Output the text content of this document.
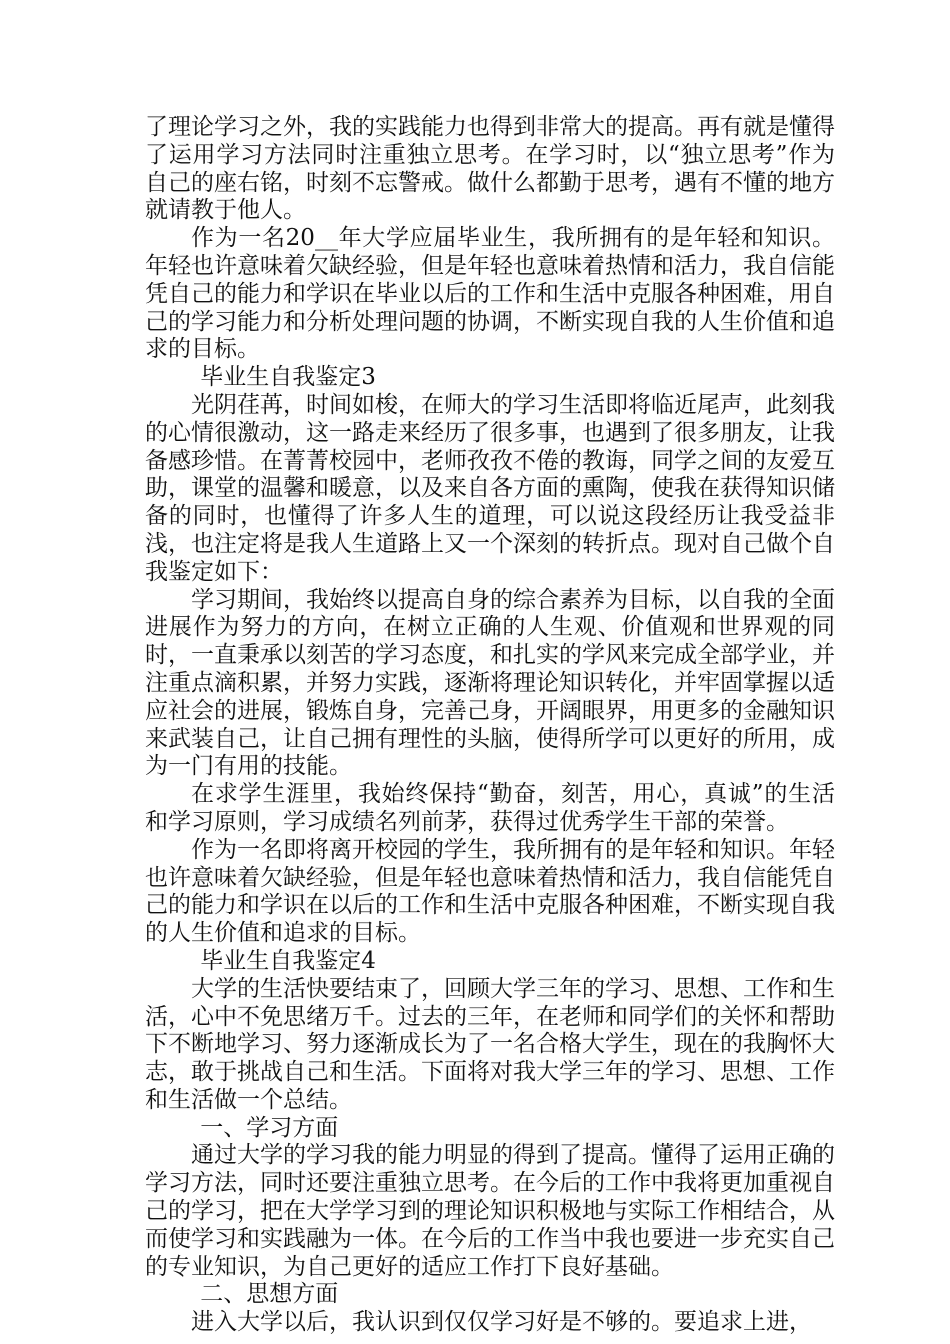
了理论学习之外，我的实践能力也得到非常大的提高。再有就是懂得了运用学习方法同时注重独立思考。在学习时，以“独立思考”作为自己的座右铭，时刻不忘警戒。做什么都勤于思考，遇有不懂的地方就请教于他人。

作为一名20__年大学应届毕业生，我所拥有的是年轻和知识。年轻也许意味着欠缺经验，但是年轻也意味着热情和活力，我自信能凭自己的能力和学识在毕业以后的工作和生活中克服各种困难，用自己的学习能力和分析处理问题的协调，不断实现自我的人生价值和追求的目标。

毕业生自我鉴定3

光阴荏苒，时间如梭，在师大的学习生活即将临近尾声，此刻我的心情很激动，这一路走来经历了很多事，也遇到了很多朋友，让我备感珍惜。在菁菁校园中，老师孜孜不倦的教诲，同学之间的友爱互助，课堂的温馨和暖意，以及来自各方面的熏陶，使我在获得知识储备的同时，也懂得了许多人生的道理，可以说这段经历让我受益非浅，也注定将是我人生道路上又一个深刻的转折点。现对自己做个自我鉴定如下：

学习期间，我始终以提高自身的综合素养为目标，以自我的全面进展作为努力的方向，在树立正确的人生观、价值观和世界观的同时，一直秉承以刻苦的学习态度，和扎实的学风来完成全部学业，并注重点滴积累，并努力实践，逐渐将理论知识转化，并牢固掌握以适应社会的进展，锻炼自身，完善己身，开阔眼界，用更多的金融知识来武装自己，让自己拥有理性的头脑，使得所学可以更好的所用，成为一门有用的技能。

在求学生涯里，我始终保持“勤奋，刻苦，用心，真诚”的生活和学习原则，学习成绩名列前茅，获得过优秀学生干部的荣誉。

作为一名即将离开校园的学生，我所拥有的是年轻和知识。年轻也许意味着欠缺经验，但是年轻也意味着热情和活力，我自信能凭自己的能力和学识在以后的工作和生活中克服各种困难，不断实现自我的人生价值和追求的目标。

毕业生自我鉴定4

大学的生活快要结束了，回顾大学三年的学习、思想、工作和生活，心中不免思绪万千。过去的三年，在老师和同学们的关怀和帮助下不断地学习、努力逐渐成长为了一名合格大学生，现在的我胸怀大志，敢于挑战自己和生活。下面将对我大学三年的学习、思想、工作和生活做一个总结。

一、学习方面

通过大学的学习我的能力明显的得到了提高。懂得了运用正确的学习方法，同时还要注重独立思考。在今后的工作中我将更加重视自己的学习，把在大学学习到的理论知识积极地与实际工作相结合，从而使学习和实践融为一体。在今后的工作当中我也要进一步充实自己的专业知识，为自己更好的适应工作打下良好基础。

二、思想方面

进入大学以后，我认识到仅仅学习好是不够的。要追求上进，
